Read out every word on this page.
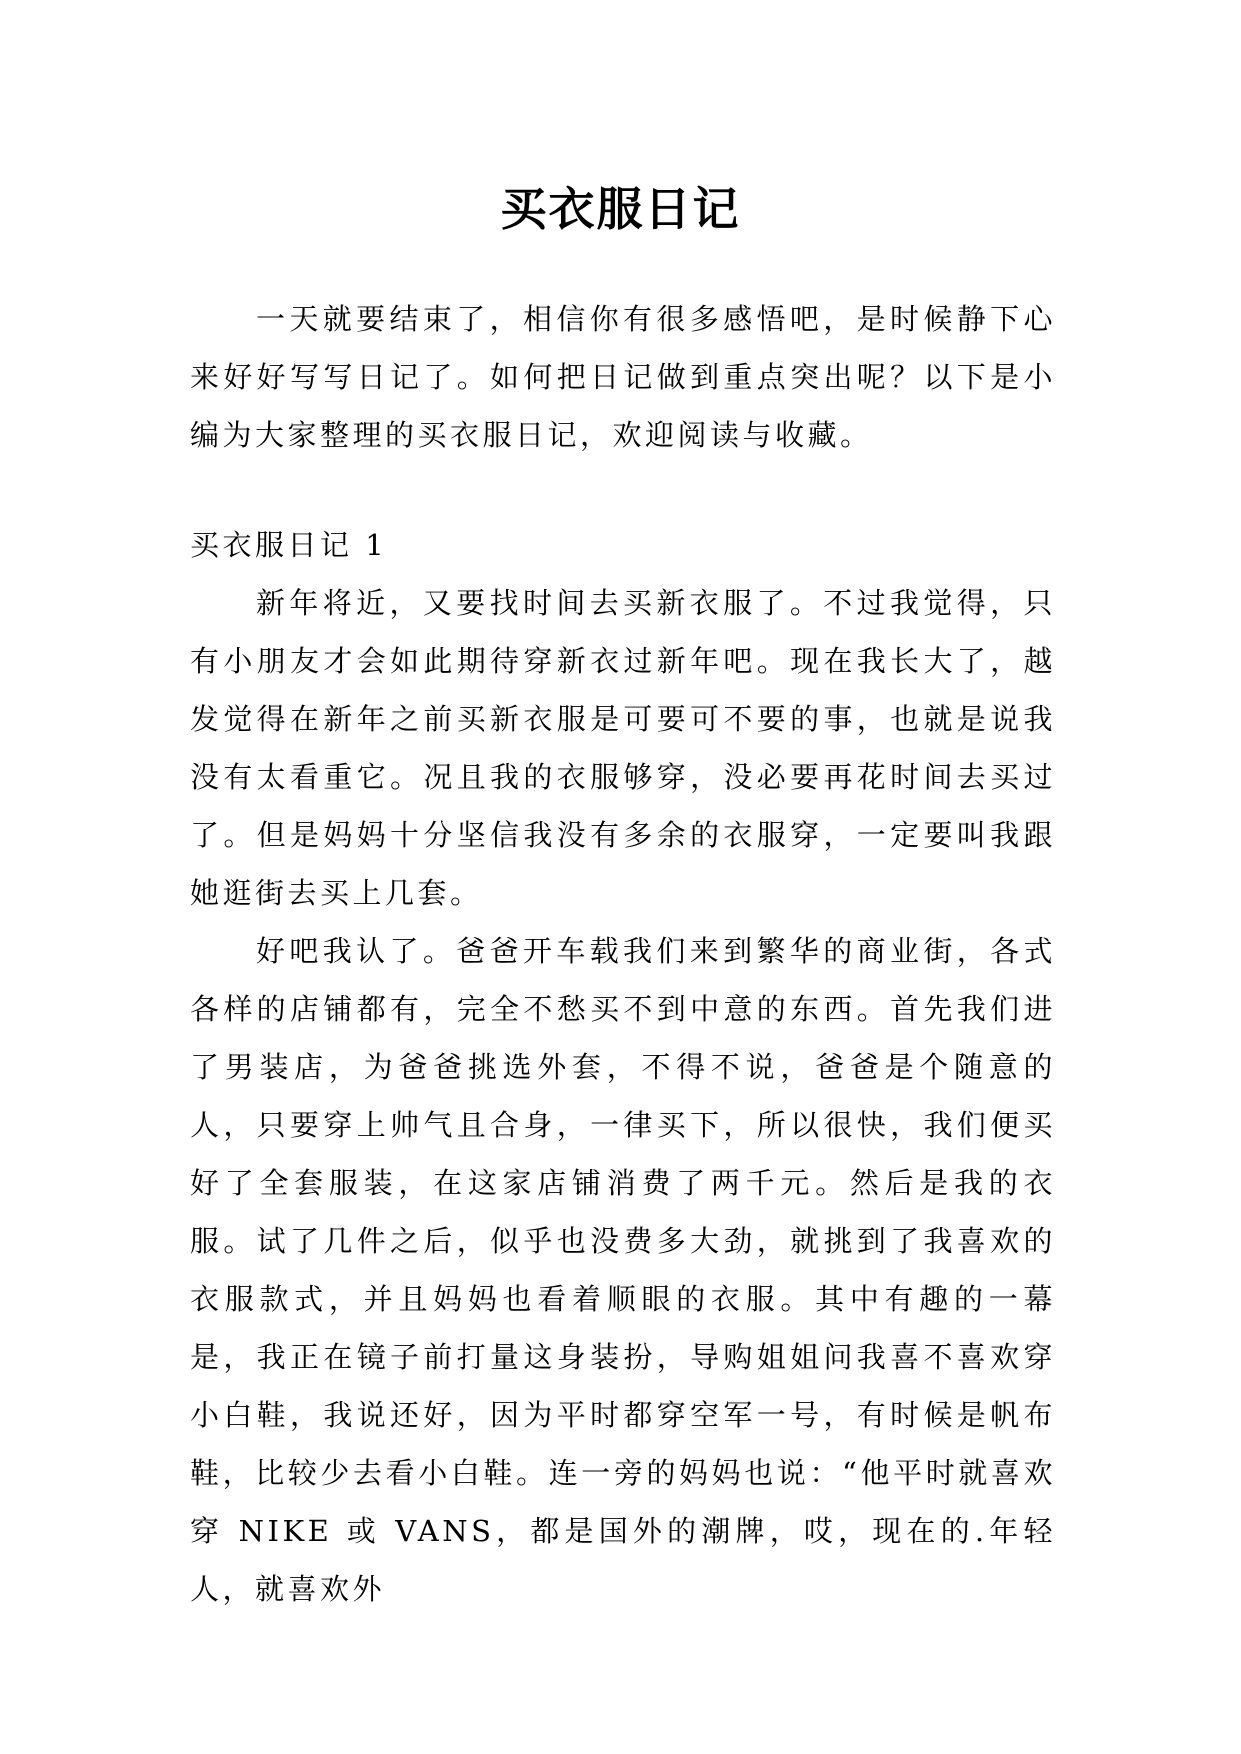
买衣服日记

一天就要结束了，相信你有很多感悟吧，是时候静下心来好好写写日记了。如何把日记做到重点突出呢？以下是小编为大家整理的买衣服日记，欢迎阅读与收藏。

买衣服日记 1

新年将近，又要找时间去买新衣服了。不过我觉得，只有小朋友才会如此期待穿新衣过新年吧。现在我长大了，越发觉得在新年之前买新衣服是可要可不要的事，也就是说我没有太看重它。况且我的衣服够穿，没必要再花时间去买过了。但是妈妈十分坚信我没有多余的衣服穿，一定要叫我跟她逛街去买上几套。

好吧我认了。爸爸开车载我们来到繁华的商业街，各式各样的店铺都有，完全不愁买不到中意的东西。首先我们进了男装店，为爸爸挑选外套，不得不说，爸爸是个随意的人，只要穿上帅气且合身，一律买下，所以很快，我们便买好了全套服装，在这家店铺消费了两千元。然后是我的衣服。试了几件之后，似乎也没费多大劲，就挑到了我喜欢的衣服款式，并且妈妈也看着顺眼的衣服。其中有趣的一幕是，我正在镜子前打量这身装扮，导购姐姐问我喜不喜欢穿小白鞋，我说还好，因为平时都穿空军一号，有时候是帆布鞋，比较少去看小白鞋。连一旁的妈妈也说：“他平时就喜欢穿 NIKE 或 VANS，都是国外的潮牌，哎，现在的.年轻人，就喜欢外
